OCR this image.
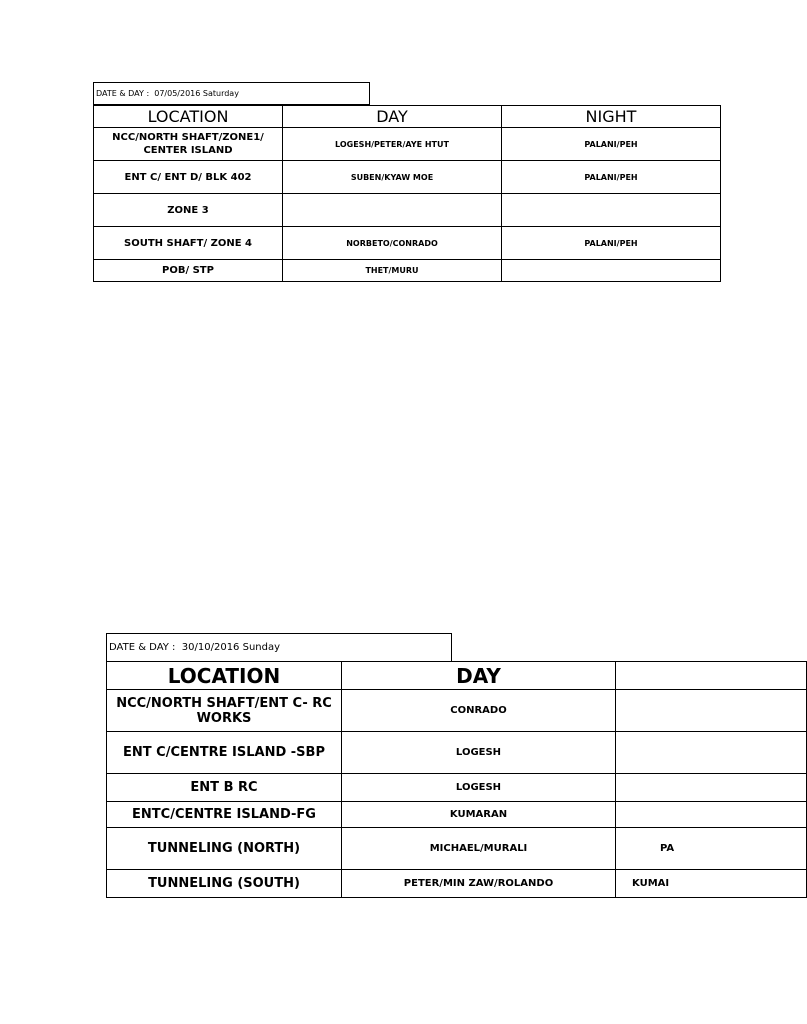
DATE & DAY :
07/05/2016 Saturday
LOCATION	DAY	NIGHT
NCC/NORTH SHAFT/ZONE1/ CENTER ISLAND	LOGESH/PETER/AYE HTUT	PALANI/PEH
ENT C/ ENT D/ BLK 402	SUBEN/KYAW MOE	PALANI/PEH
ZONE 3		
SOUTH SHAFT/ ZONE 4	NORBETO/CONRADO	PALANI/PEH
POB/ STP	THET/MURU	
DATE & DAY :
30/10/2016 Sunday
LOCATION	DAY	
NCC/NORTH SHAFT/ENT C- RC WORKS	CONRADO	
ENT C/CENTRE ISLAND -SBP	LOGESH	
ENT B RC	LOGESH	
ENTC/CENTRE ISLAND-FG	KUMARAN	
TUNNELING (NORTH)	MICHAEL/MURALI	PA
TUNNELING (SOUTH)	PETER/MIN ZAW/ROLANDO	KUMAI
